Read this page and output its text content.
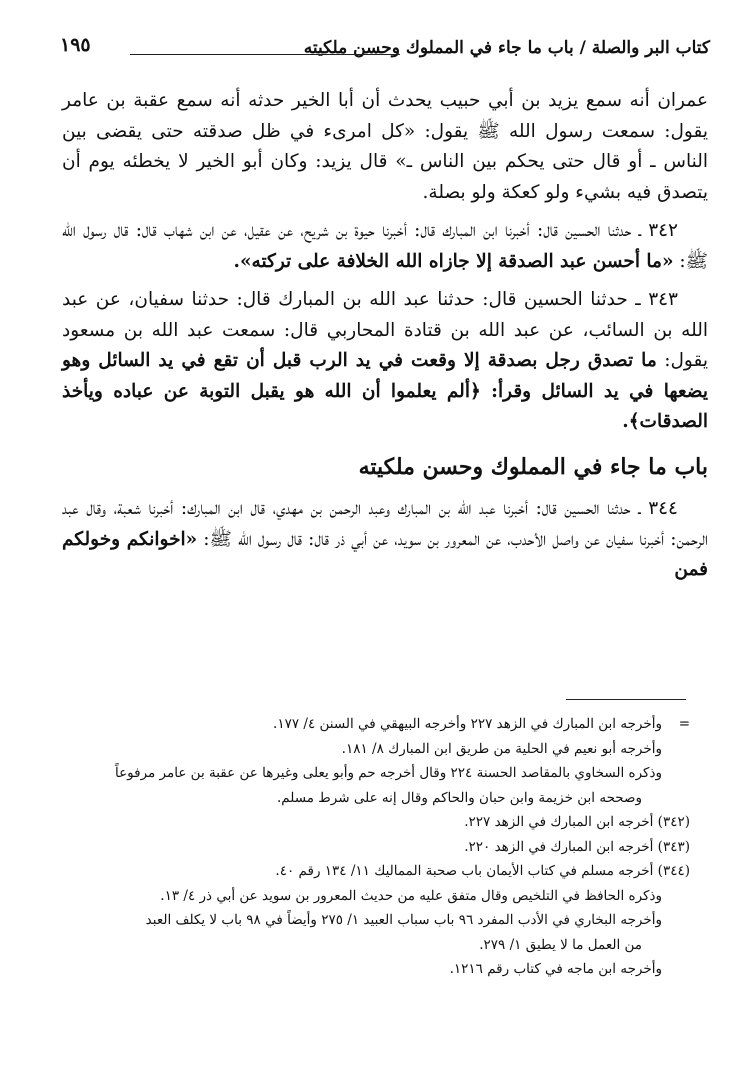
كتاب البر والصلة / باب ما جاء في المملوك وحسن ملكيته
١٩٥

عمران أنه سمع يزيد بن أبي حبيب يحدث أن أبا الخير حدثه أنه سمع عقبة بن عامر يقول: سمعت رسول الله ﷺ يقول: «كل امرىء في ظل صدقته حتى يقضى بين الناس ـ أو قال حتى يحكم بين الناس ـ» قال يزيد: وكان أبو الخير لا يخطئه يوم أن يتصدق فيه بشيء ولو كعكة ولو بصلة.

٣٤٢ ـ حدثنا الحسين قال: أخبرنا ابن المبارك قال: أخبرنا حيوة بن شريح، عن عقيل، عن ابن شهاب قال: قال رسول الله ﷺ: «ما أحسن عبد الصدقة إلا جازاه الله الخلافة على تركته».

٣٤٣ ـ حدثنا الحسين قال: حدثنا عبد الله بن المبارك قال: حدثنا سفيان، عن عبد الله بن السائب، عن عبد الله بن قتادة المحاربي قال: سمعت عبد الله بن مسعود يقول: ما تصدق رجل بصدقة إلا وقعت في يد الرب قبل أن تقع في يد السائل وهو يضعها في يد السائل وقرأ: ﴿ألم يعلموا أن الله هو يقبل التوبة عن عباده ويأخذ الصدقات﴾.

باب ما جاء في المملوك وحسن ملكيته

٣٤٤ ـ حدثنا الحسين قال: أخبرنا عبد الله بن المبارك وعبد الرحمن بن مهدي، قال ابن المبارك: أخبرنا شعبة، وقال عبد الرحمن: أخبرنا سفيان عن واصل الأحدب، عن المعرور بن سويد، عن أبي ذر قال: قال رسول الله ﷺ: «اخوانكم وخولكم فمن

=وأخرجه ابن المبارك في الزهد ٢٢٧ وأخرجه البيهقي في السنن ٤/ ١٧٧.
وأخرجه أبو نعيم في الحلية من طريق ابن المبارك ٨/ ١٨١.
وذكره السخاوي بالمقاصد الحسنة ٢٢٤ وقال أخرجه حم وأبو يعلى وغيرها عن عقبة بن عامر مرفوعاً
وصححه ابن خزيمة وابن حبان والحاكم وقال إنه على شرط مسلم.
(٣٤٢) أخرجه ابن المبارك في الزهد ٢٢٧.
(٣٤٣) أخرجه ابن المبارك في الزهد ٢٢٠.
(٣٤٤) أخرجه مسلم في كتاب الأيمان باب صحبة المماليك ١١/ ١٣٤ رقم ٤٠.
وذكره الحافظ في التلخيص وقال متفق عليه من حديث المعرور بن سويد عن أبي ذر ٤/ ١٣.
وأخرجه البخاري في الأدب المفرد ٩٦ باب سباب العبيد ١/ ٢٧٥ وأيضاً في ٩٨ باب لا يكلف العبد
من العمل ما لا يطيق ١/ ٢٧٩.
وأخرجه ابن ماجه في كتاب رقم ١٢١٦.
